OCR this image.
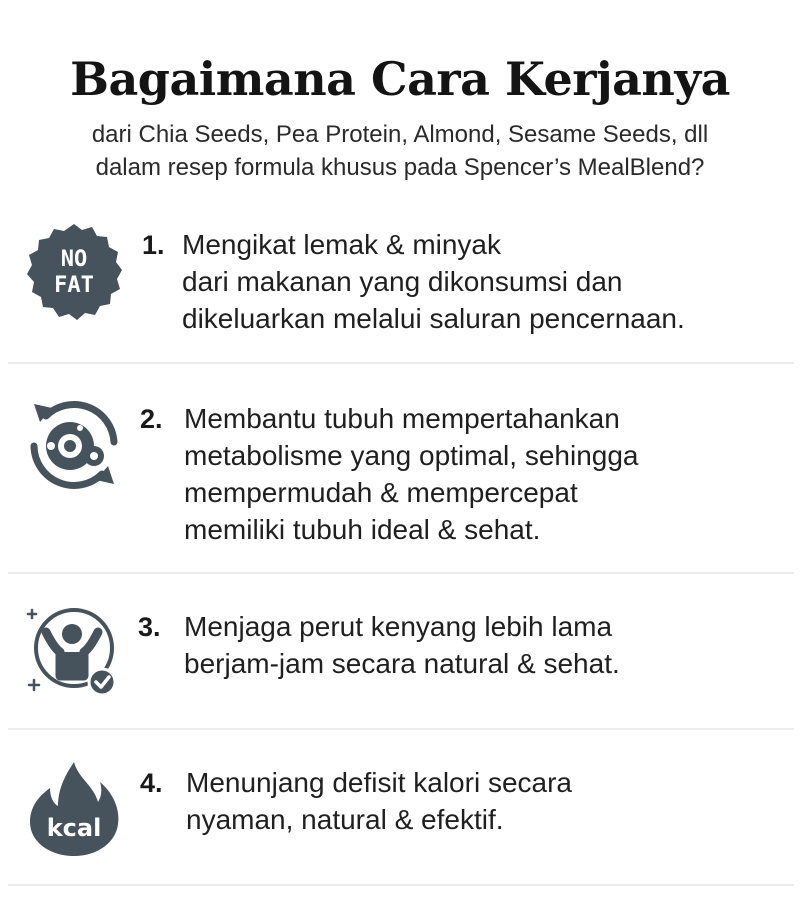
Bagaimana Cara Kerjanya
dari Chia Seeds, Pea Protein, Almond, Sesame Seeds, dll
dalam resep formula khusus pada Spencer’s MealBlend?
NO
FAT
1. Mengikat lemak & minyak
dari makanan yang dikonsumsi dan
dikeluarkan melalui saluran pencernaan.
2. Membantu tubuh mempertahankan
metabolisme yang optimal, sehingga
mempermudah & mempercepat
memiliki tubuh ideal & sehat.
3. Menjaga perut kenyang lebih lama
berjam-jam secara natural & sehat.
kcal
4. Menunjang defisit kalori secara
nyaman, natural & efektif.
